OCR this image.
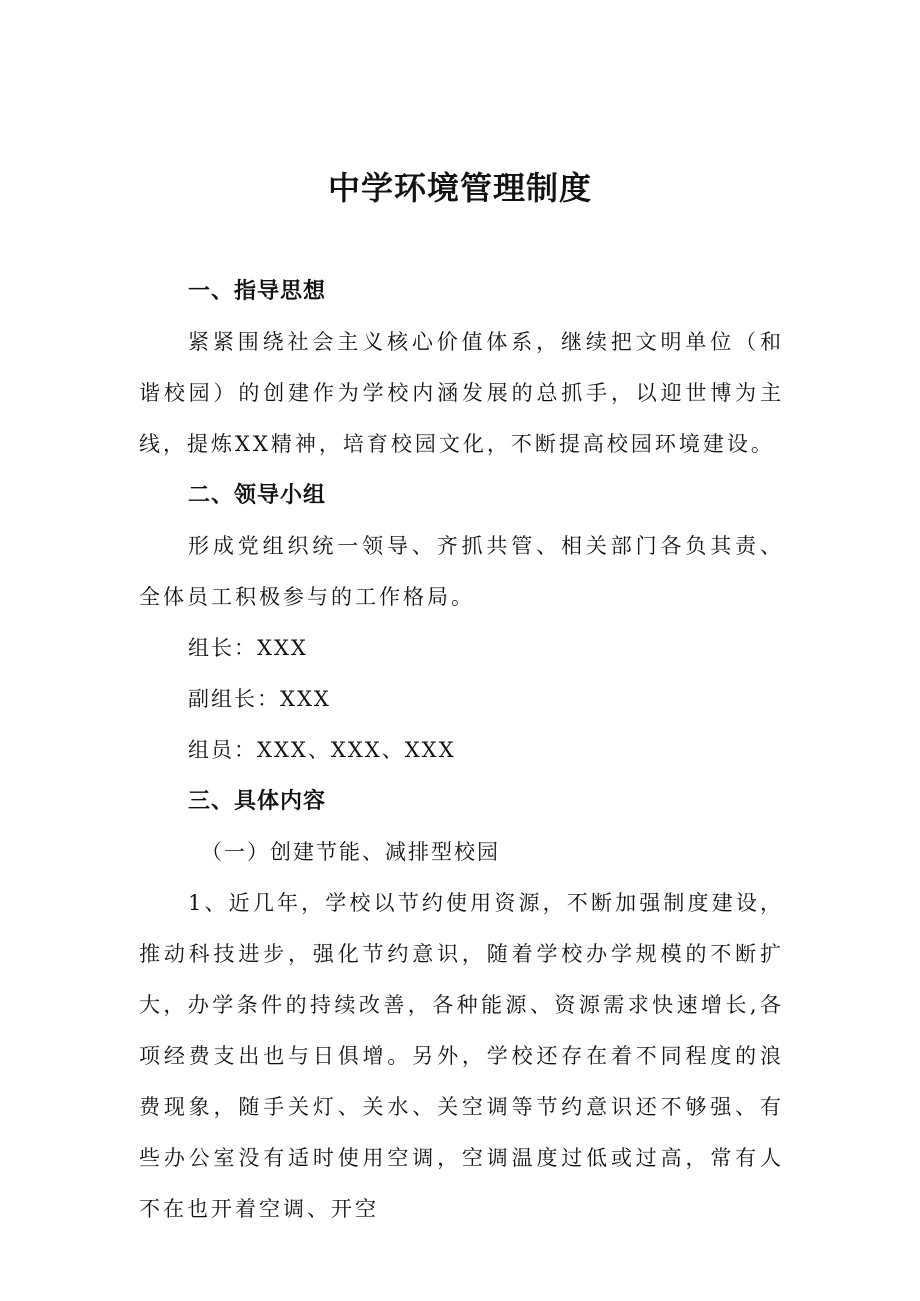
中学环境管理制度
一、指导思想

紧紧围绕社会主义核心价值体系，继续把文明单位（和谐校园）的创建作为学校内涵发展的总抓手，以迎世博为主线，提炼XX精神，培育校园文化，不断提高校园环境建设。

二、领导小组

形成党组织统一领导、齐抓共管、相关部门各负其责、全体员工积极参与的工作格局。

组长：XXX
副组长：XXX
组员：XXX、XXX、XXX
三、具体内容
（一）创建节能、减排型校园

1、近几年，学校以节约使用资源，不断加强制度建设，推动科技进步，强化节约意识，随着学校办学规模的不断扩大，办学条件的持续改善，各种能源、资源需求快速增长,各项经费支出也与日俱增。另外，学校还存在着不同程度的浪费现象，随手关灯、关水、关空调等节约意识还不够强、有些办公室没有适时使用空调，空调温度过低或过高，常有人不在也开着空调、开空
